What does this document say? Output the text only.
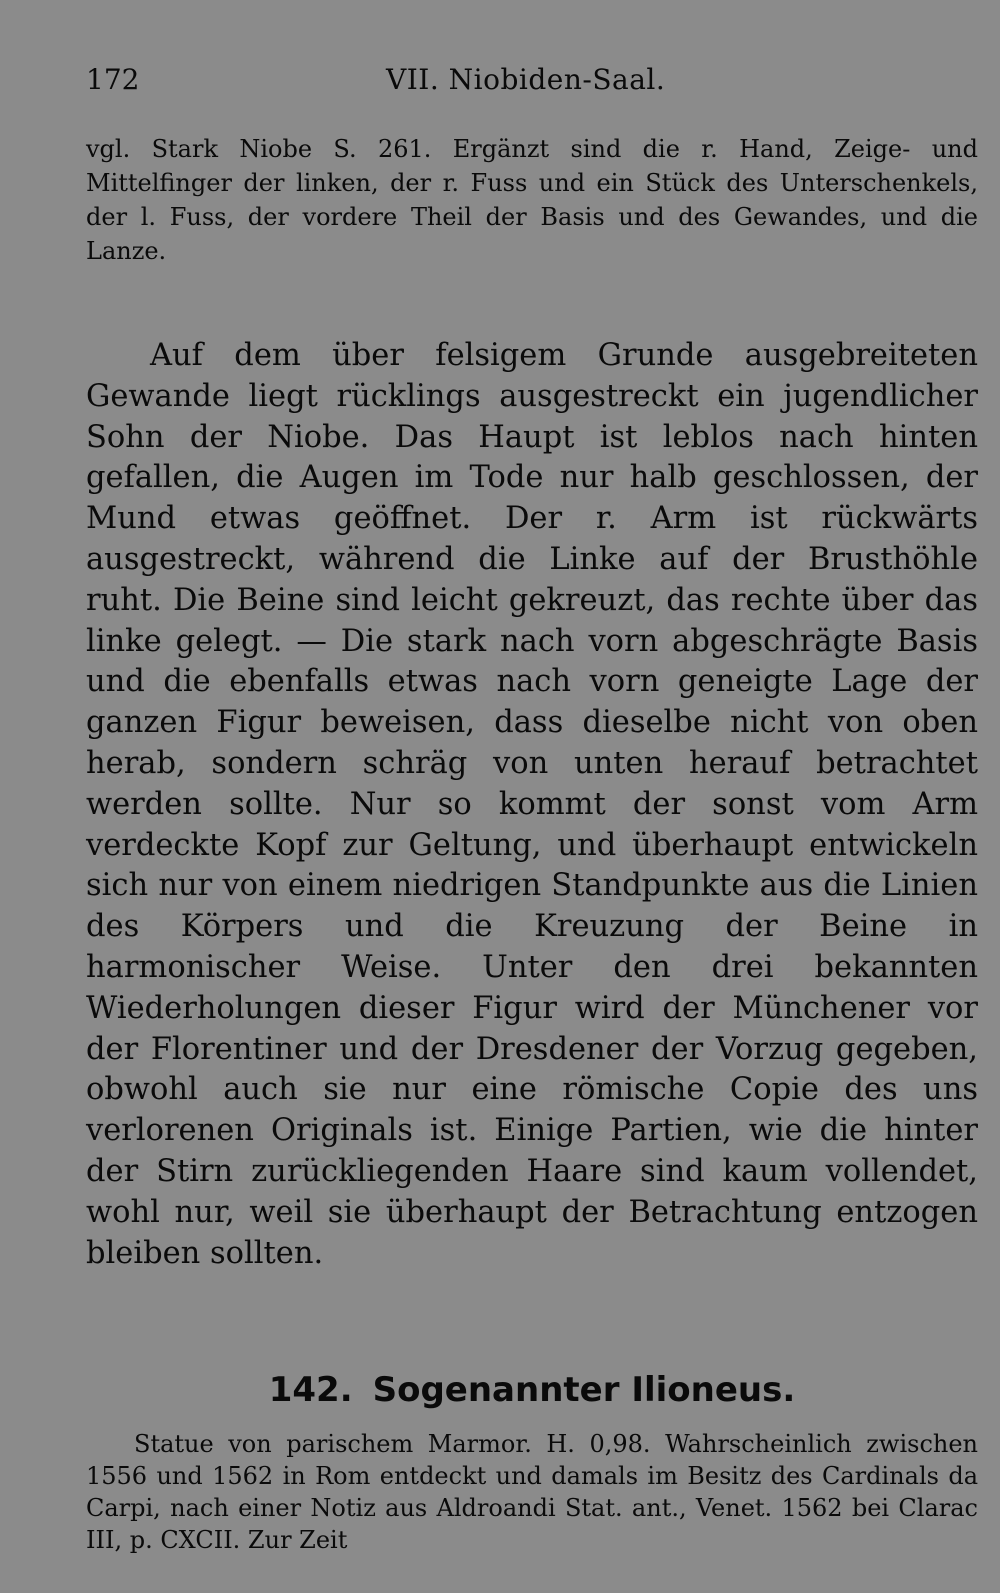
172	VII. Niobiden-Saal.

vgl. Stark Niobe S. 261. Ergänzt sind die r. Hand, Zeige- und Mittelfinger der linken, der r. Fuss und ein Stück des Unterschenkels, der l. Fuss, der vordere Theil der Basis und des Gewandes, und die Lanze.

Auf dem über felsigem Grunde ausgebreiteten Gewande liegt rücklings ausgestreckt ein jugendlicher Sohn der Niobe. Das Haupt ist leblos nach hinten gefallen, die Augen im Tode nur halb geschlossen, der Mund etwas geöffnet. Der r. Arm ist rückwärts ausgestreckt, während die Linke auf der Brusthöhle ruht. Die Beine sind leicht gekreuzt, das rechte über das linke gelegt. — Die stark nach vorn abgeschrägte Basis und die ebenfalls etwas nach vorn geneigte Lage der ganzen Figur beweisen, dass dieselbe nicht von oben herab, sondern schräg von unten herauf betrachtet werden sollte. Nur so kommt der sonst vom Arm verdeckte Kopf zur Geltung, und überhaupt entwickeln sich nur von einem niedrigen Standpunkte aus die Linien des Körpers und die Kreuzung der Beine in harmonischer Weise. Unter den drei bekannten Wiederholungen dieser Figur wird der Münchener vor der Florentiner und der Dresdener der Vorzug gegeben, obwohl auch sie nur eine römische Copie des uns verlorenen Originals ist. Einige Partien, wie die hinter der Stirn zurückliegenden Haare sind kaum vollendet, wohl nur, weil sie überhaupt der Betrachtung entzogen bleiben sollten.

142. Sogenannter Ilioneus.

Statue von parischem Marmor. H. 0,98. Wahrscheinlich zwischen 1556 und 1562 in Rom entdeckt und damals im Besitz des Cardinals da Carpi, nach einer Notiz aus Aldroandi Stat. ant., Venet. 1562 bei Clarac III, p. CXCII. Zur Zeit
